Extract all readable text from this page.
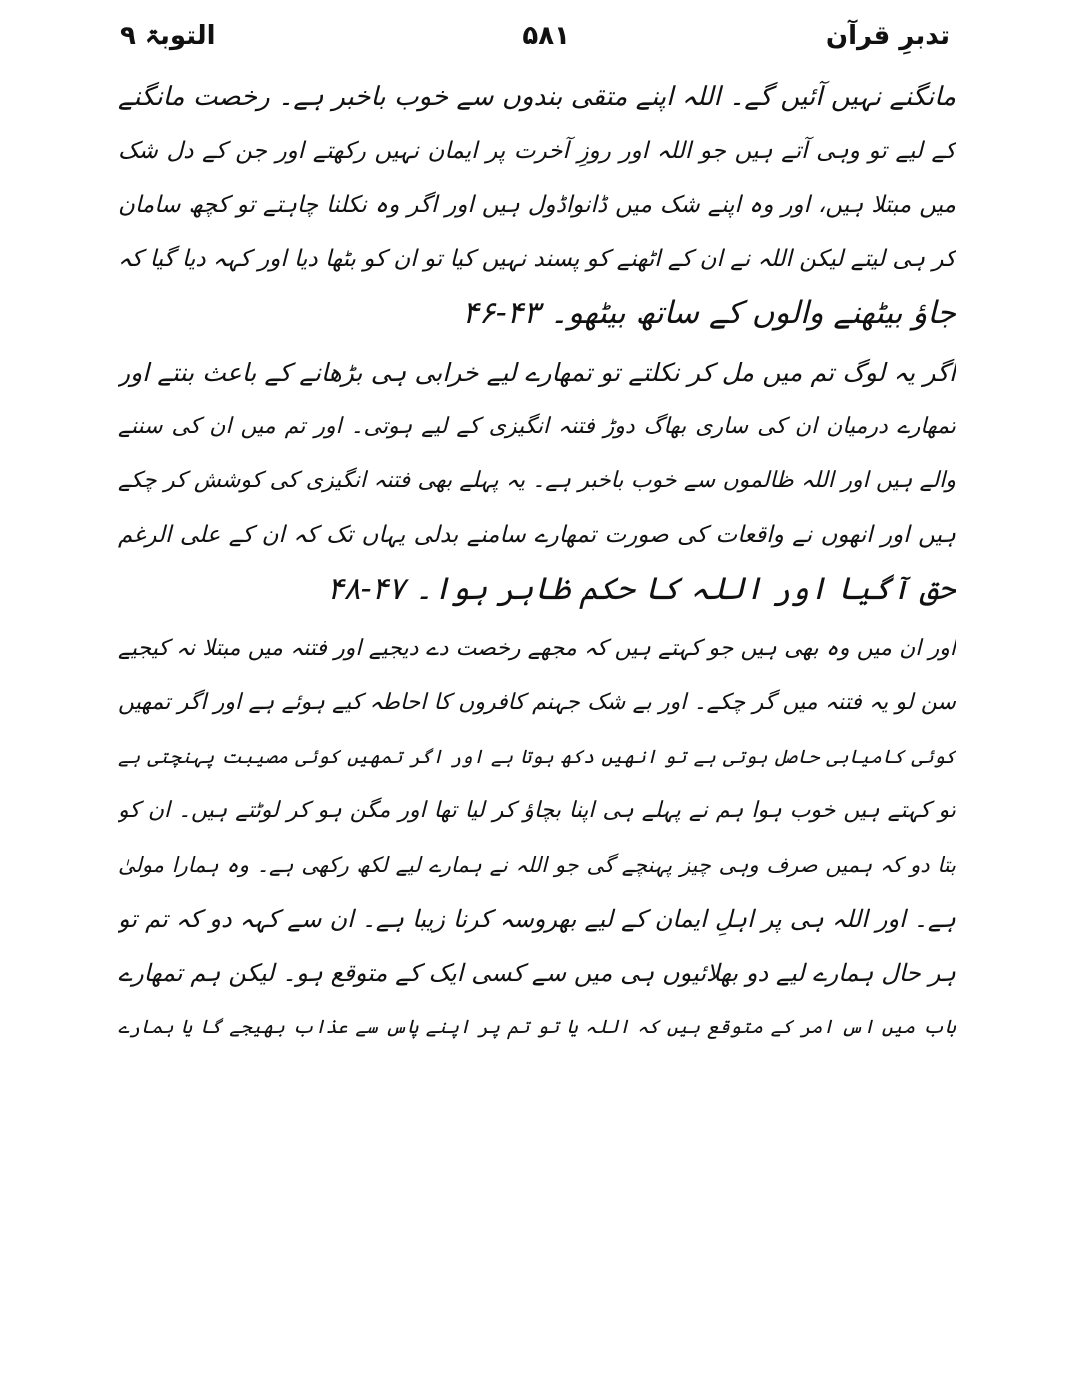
تدبرِ قرآن
۵۸۱
التوبۃ ۹
مانگنے نہیں آئیں گے۔ اللہ اپنے متقی بندوں سے خوب باخبر ہے۔ رخصت مانگنے
کے لیے تو وہی آتے ہیں جو اللہ اور روزِ آخرت پر ایمان نہیں رکھتے اور جن کے دل شک
میں مبتلا ہیں، اور وہ اپنے شک میں ڈانواڈول ہیں اور اگر وہ نکلنا چاہتے تو کچھ سامان
کر ہی لیتے لیکن اللہ نے ان کے اٹھنے کو پسند نہیں کیا تو ان کو بٹھا دیا اور کہہ دیا گیا کہ
جاؤ بیٹھنے والوں کے ساتھ بیٹھو۔ ۴۳-۴۶
اگر یہ لوگ تم میں مل کر نکلتے تو تمھارے لیے خرابی ہی بڑھانے کے باعث بنتے اور
تمھارے درمیان ان کی ساری بھاگ دوڑ فتنہ انگیزی کے لیے ہوتی۔ اور تم میں ان کی سننے
والے ہیں اور اللہ ظالموں سے خوب باخبر ہے۔ یہ پہلے بھی فتنہ انگیزی کی کوشش کر چکے
ہیں اور انھوں نے واقعات کی صورت تمھارے سامنے بدلی یہاں تک کہ ان کے علی الرغم
حق آگیا اور اللہ کا حکم ظاہر ہوا۔ ۴۷-۴۸
اور ان میں وہ بھی ہیں جو کہتے ہیں کہ مجھے رخصت دے دیجیے اور فتنہ میں مبتلا نہ کیجیے
سن لو یہ فتنہ میں گر چکے۔ اور بے شک جہنم کافروں کا احاطہ کیے ہوئے ہے اور اگر تمھیں
کوئی کامیابی حاصل ہوتی ہے تو انھیں دکھ ہوتا ہے اور اگر تمھیں کوئی مصیبت پہنچتی ہے
تو کہتے ہیں خوب ہوا ہم نے پہلے ہی اپنا بچاؤ کر لیا تھا اور مگن ہو کر لوٹتے ہیں۔ ان کو
بتا دو کہ ہمیں صرف وہی چیز پہنچے گی جو اللہ نے ہمارے لیے لکھ رکھی ہے۔ وہ ہمارا مولیٰ
ہے۔ اور اللہ ہی پر اہلِ ایمان کے لیے بھروسہ کرنا زیبا ہے۔ ان سے کہہ دو کہ تم تو
ہر حال ہمارے لیے دو بھلائیوں ہی میں سے کسی ایک کے متوقع ہو۔ لیکن ہم تمھارے
باب میں اس امر کے متوقع ہیں کہ اللہ یا تو تم پر اپنے پاس سے عذاب بھیجے گا یا ہمارے
